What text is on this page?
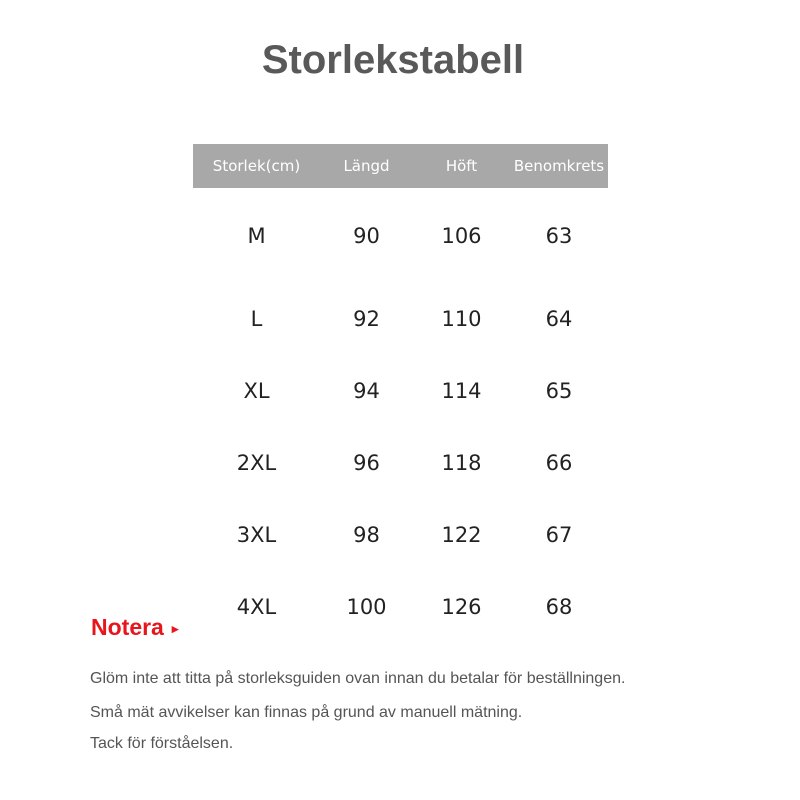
Storlekstabell
Storlek(cm)	Längd	Höft	Benomkrets
M	90	106	63
L	92	110	64
XL	94	114	65
2XL	96	118	66
3XL	98	122	67
4XL	100	126	68
Notera ▸
Glöm inte att titta på storleksguiden ovan innan du betalar för beställningen.
Små mät avvikelser kan finnas på grund av manuell mätning.
Tack för förståelsen.
